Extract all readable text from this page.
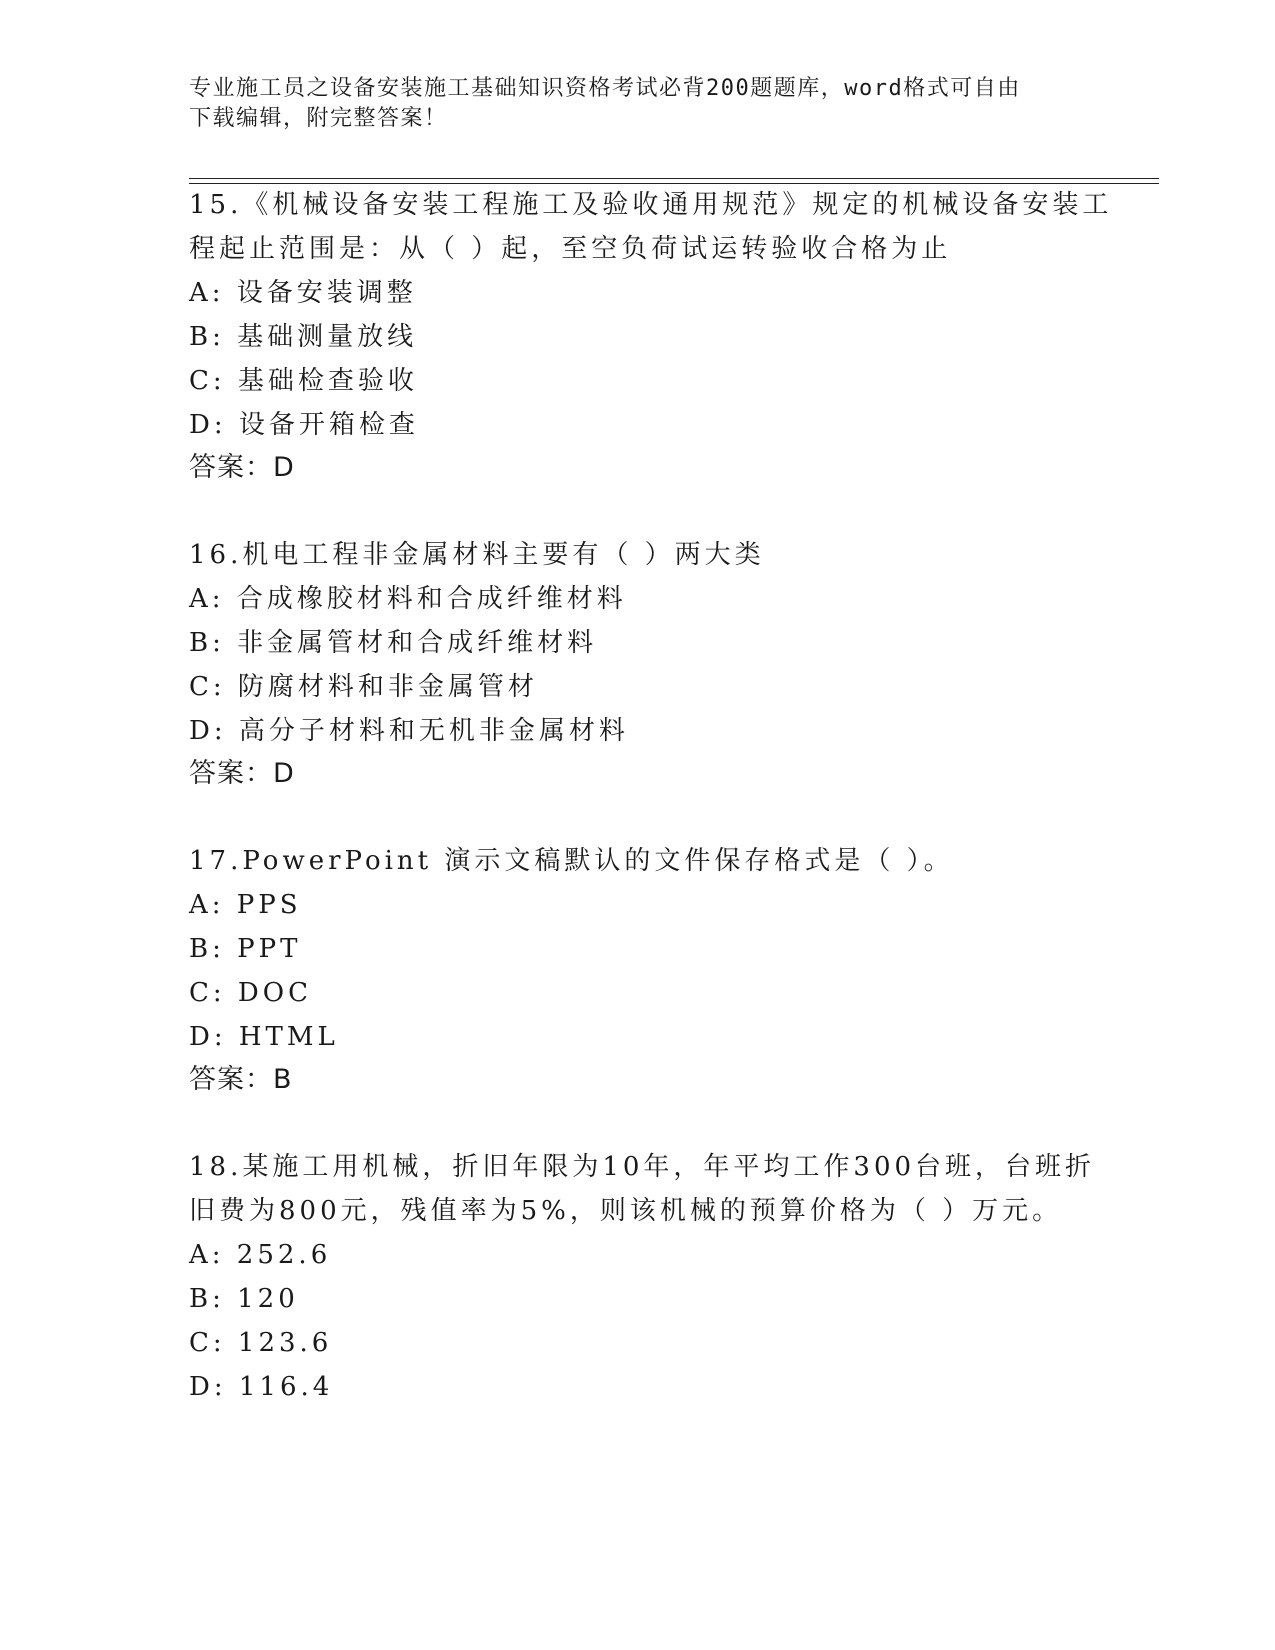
专业施工员之设备安装施工基础知识资格考试必背200题题库，word格式可自由
下载编辑，附完整答案！
15.《机械设备安装工程施工及验收通用规范》规定的机械设备安装工
程起止范围是：从（ ）起，至空负荷试运转验收合格为止
A: 设备安装调整
B: 基础测量放线
C: 基础检查验收
D: 设备开箱检查
答案：D
16.机电工程非金属材料主要有（ ）两大类
A: 合成橡胶材料和合成纤维材料
B: 非金属管材和合成纤维材料
C: 防腐材料和非金属管材
D: 高分子材料和无机非金属材料
答案：D
17.PowerPoint 演示文稿默认的文件保存格式是（ ）。
A: PPS
B: PPT
C: DOC
D: HTML
答案：B
18.某施工用机械，折旧年限为10年，年平均工作300台班，台班折
旧费为800元，残值率为5%，则该机械的预算价格为（ ）万元。
A: 252.6
B: 120
C: 123.6
D: 116.4
